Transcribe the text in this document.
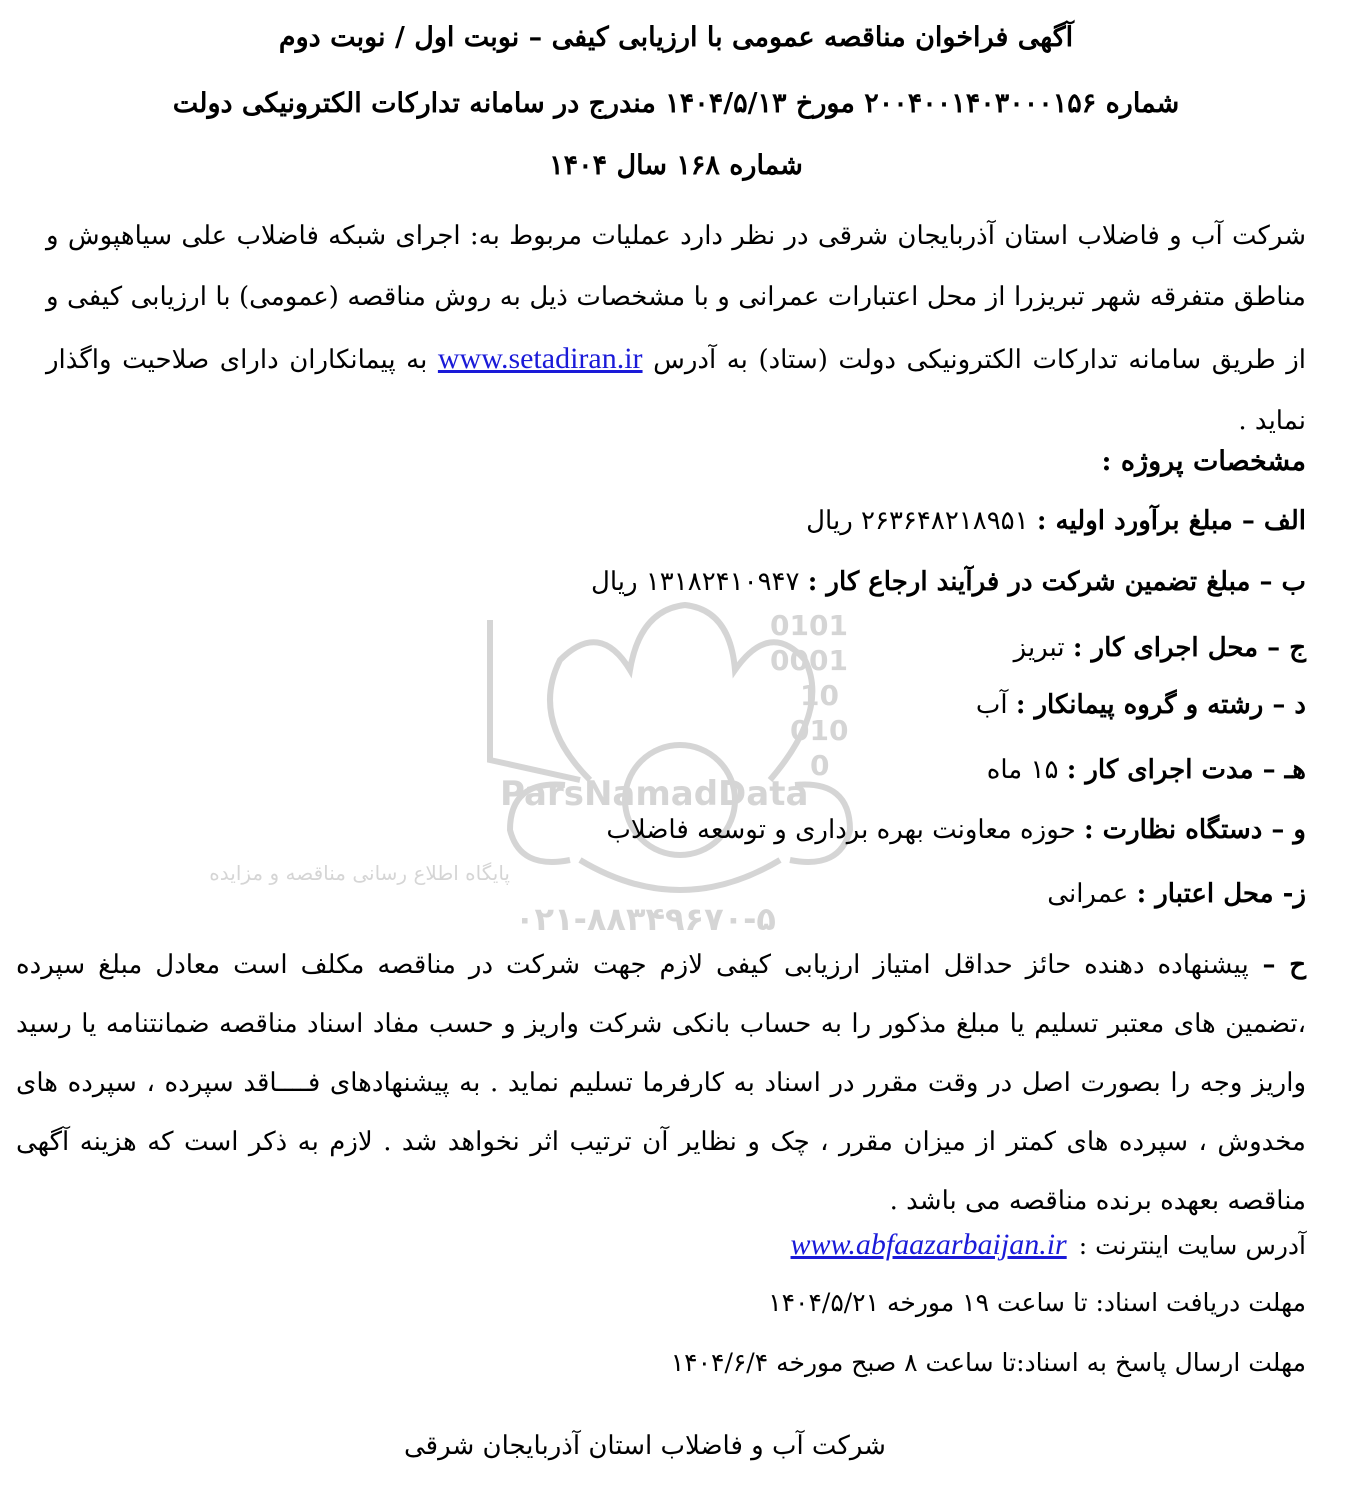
0101
0001
10
010
0
ParsNamadData
پایگاه اطلاع رسانی مناقصه و مزایده
۰۲۱-۸۸۳۴۹۶۷۰-۵
آگهی فراخوان مناقصه عمومی با ارزیابی کیفی – نوبت اول / نوبت دوم
شماره ۲۰۰۴۰۰۱۴۰۳۰۰۰۱۵۶ مورخ ۱۴۰۴/۵/۱۳ مندرج در سامانه تدارکات الکترونیکی دولت
شماره ۱۶۸ سال ۱۴۰۴
شرکت آب و فاضلاب استان آذربایجان شرقی در نظر دارد عملیات مربوط به: اجرای شبکه فاضلاب علی سیاهپوش و مناطق متفرقه شهر تبریزرا از محل اعتبارات عمرانی و با مشخصات ذیل به روش مناقصه (عمومی) با ارزیابی کیفی و از طریق سامانه تدارکات الکترونیکی دولت (ستاد) به آدرس www.setadiran.ir به پیمانکاران دارای صلاحیت واگذار نماید .
مشخصات پروژه :
الف – مبلغ برآورد اولیه : ۲۶۳۶۴۸۲۱۸۹۵۱ ریال
ب – مبلغ تضمین شرکت در فرآیند ارجاع کار : ۱۳۱۸۲۴۱۰۹۴۷ ریال
ج – محل اجرای کار : تبریز
د – رشته و گروه پیمانکار : آب
هـ – مدت اجرای کار : ۱۵ ماه
و – دستگاه نظارت : حوزه معاونت بهره برداری و توسعه فاضلاب
ز- محل اعتبار : عمرانی
ح – پیشنهاده دهنده حائز حداقل امتیاز ارزیابی کیفی لازم جهت شرکت در مناقصه مکلف است معادل مبلغ سپرده ،تضمین های معتبر تسلیم یا مبلغ مذکور را به حساب بانکی شرکت واریز و حسب مفاد اسناد مناقصه ضمانتنامه یا رسید واریز وجه را بصورت اصل در وقت مقرر در اسناد به کارفرما تسلیم نماید . به پیشنهادهای فــــاقد سپرده ، سپرده های مخدوش ، سپرده های کمتر از میزان مقرر ، چک و نظایر آن ترتیب اثر نخواهد شد . لازم به ذکر است که هزینه آگهی مناقصه بعهده برنده مناقصه می باشد .
آدرس سایت اینترنت :www.abfaazarbaijan.ir
مهلت دریافت اسناد: تا ساعت ۱۹ مورخه ۱۴۰۴/۵/۲۱
مهلت ارسال پاسخ به اسناد:تا ساعت ۸ صبح مورخه ۱۴۰۴/۶/۴
شرکت آب و فاضلاب استان آذربایجان شرقی
